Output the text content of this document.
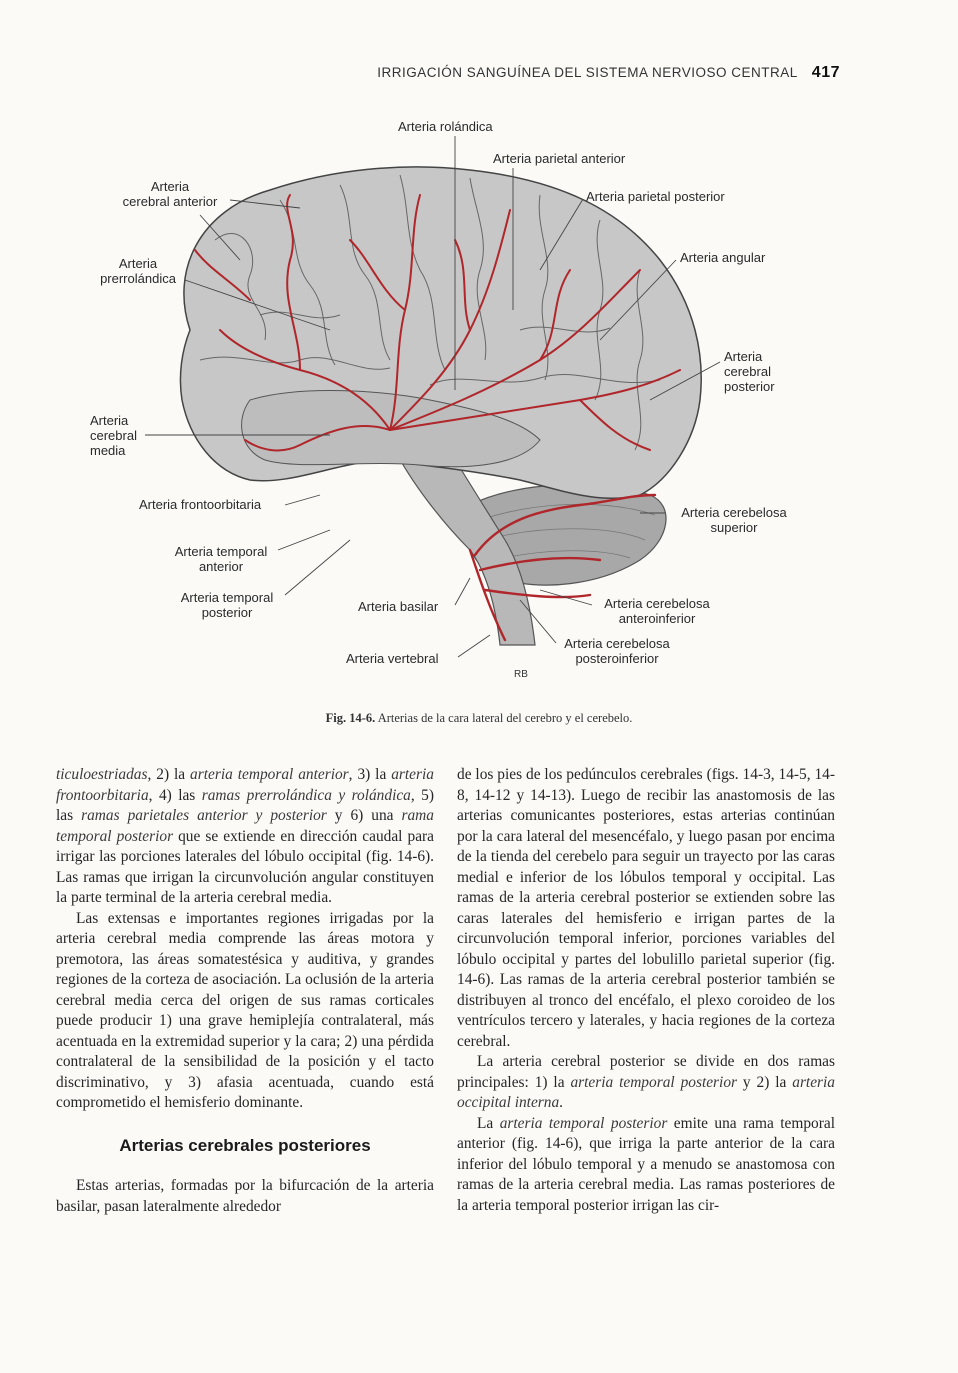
IRRIGACIÓN SANGUÍNEA DEL SISTEMA NERVIOSO CENTRAL 417
Arteria rolándica
Arteria parietal anterior
Arteria
cerebral anterior	Arteria parietal posterior
Arteria
prerrolándica
Arteria angular
Arteria
cerebral
posterior
Arteria
cerebral
media
Arteria frontoorbitaria
Arteria cerebelosa
superior
Arteria temporal
anterior
Arteria temporal
posterior	Arteria basilar	Arteria cerebelosa
anteroinferior
Arteria vertebral
Arteria cerebelosa
posteroinferior
RB
Fig. 14-6. Arterias de la cara lateral del cerebro y el cerebelo.

ticuloestriadas, 2) la arteria temporal anterior, 3) la arteria frontoorbitaria, 4) las ramas prerrolándica y rolándica, 5) las ramas parietales anterior y posterior y 6) una rama temporal posterior que se extiende en dirección caudal para irrigar las porciones laterales del lóbulo occipital (fig. 14-6). Las ramas que irrigan la circunvolución angular constituyen la parte terminal de la arteria cerebral media.

Las extensas e importantes regiones irrigadas por la arteria cerebral media comprende las áreas motora y premotora, las áreas somatestésica y auditiva, y grandes regiones de la corteza de asociación. La oclusión de la arteria cerebral media cerca del origen de sus ramas corticales puede producir 1) una grave hemiplejía contralateral, más acentuada en la extremidad superior y la cara; 2) una pérdida contralateral de la sensibilidad de la posición y el tacto discriminativo, y 3) afasia acentuada, cuando está comprometido el hemisferio dominante.

Arterias cerebrales posteriores

Estas arterias, formadas por la bifurcación de la arteria basilar, pasan lateralmente alrededor

de los pies de los pedúnculos cerebrales (figs. 14-3, 14-5, 14-8, 14-12 y 14-13). Luego de recibir las anastomosis de las arterias comunicantes posteriores, estas arterias continúan por la cara lateral del mesencéfalo, y luego pasan por encima de la tienda del cerebelo para seguir un trayecto por las caras medial e inferior de los lóbulos temporal y occipital. Las ramas de la arteria cerebral posterior se extienden sobre las caras laterales del hemisferio e irrigan partes de la circunvolución temporal inferior, porciones variables del lóbulo occipital y partes del lobulillo parietal superior (fig. 14-6). Las ramas de la arteria cerebral posterior también se distribuyen al tronco del encéfalo, el plexo coroideo de los ventrículos tercero y laterales, y hacia regiones de la corteza cerebral.

La arteria cerebral posterior se divide en dos ramas principales: 1) la arteria temporal posterior y 2) la arteria occipital interna.

La arteria temporal posterior emite una rama temporal anterior (fig. 14-6), que irriga la parte anterior de la cara inferior del lóbulo temporal y a menudo se anastomosa con ramas de la arteria cerebral media. Las ramas posteriores de la arteria temporal posterior irrigan las cir-
